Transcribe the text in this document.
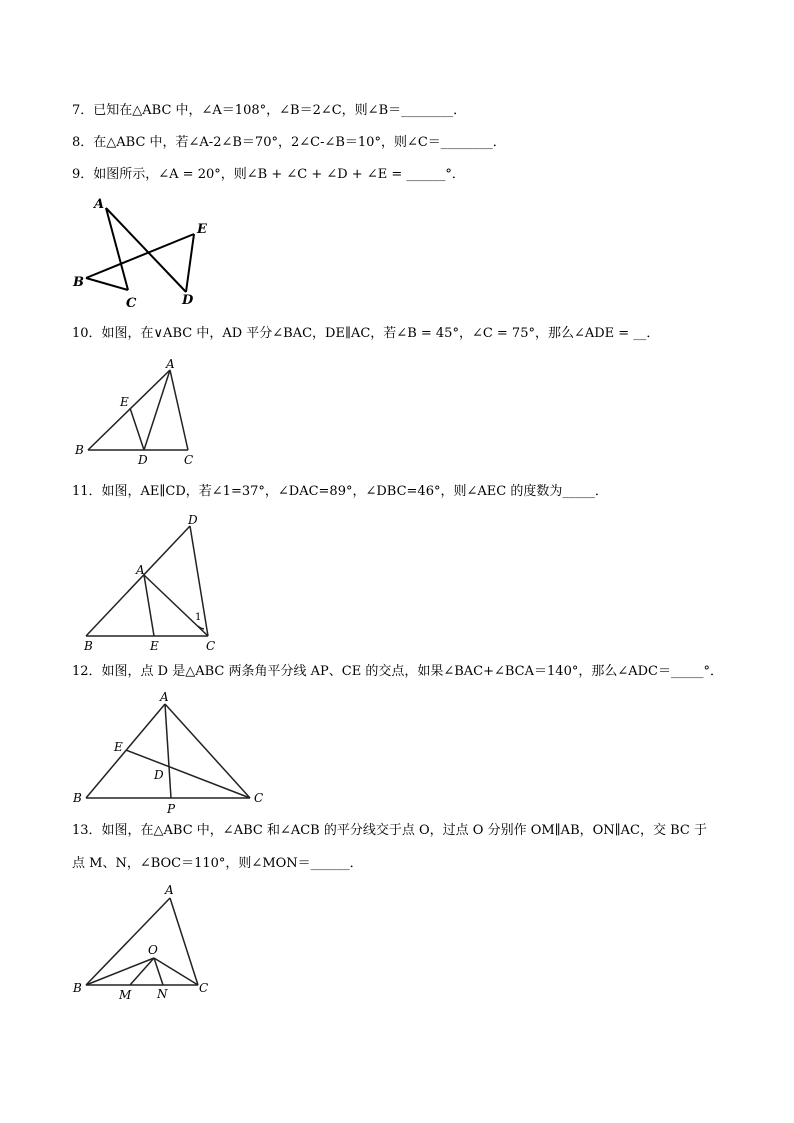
7．已知在△ABC 中，∠A＝108°，∠B＝2∠C，则∠B＝________．
8．在△ABC 中，若∠A-2∠B＝70°，2∠C-∠B＝10°，则∠C＝________．
9．如图所示，∠A = 20°，则∠B + ∠C + ∠D + ∠E = ______°．
A
E
B
C	D
10．如图，在∨ABC 中，AD 平分∠BAC，DE∥AC，若∠B = 45°，∠C = 75°，那么∠ADE = __．
A
E
B
D	C
11．如图，AE∥CD，若∠1=37°，∠DAC=89°，∠DBC=46°，则∠AEC 的度数为_____．
D
A
1
B	E	C
12．如图，点 D 是△ABC 两条角平分线 AP、CE 的交点，如果∠BAC+∠BCA＝140°，那么∠ADC＝_____°．
A
E
D
B
P
C
13．如图，在△ABC 中，∠ABC 和∠ACB 的平分线交于点 O，过点 O 分别作 OM∥AB，ON∥AC，交 BC 于
点 M、N，∠BOC＝110°，则∠MON＝______．
A
O
B	M N	C
